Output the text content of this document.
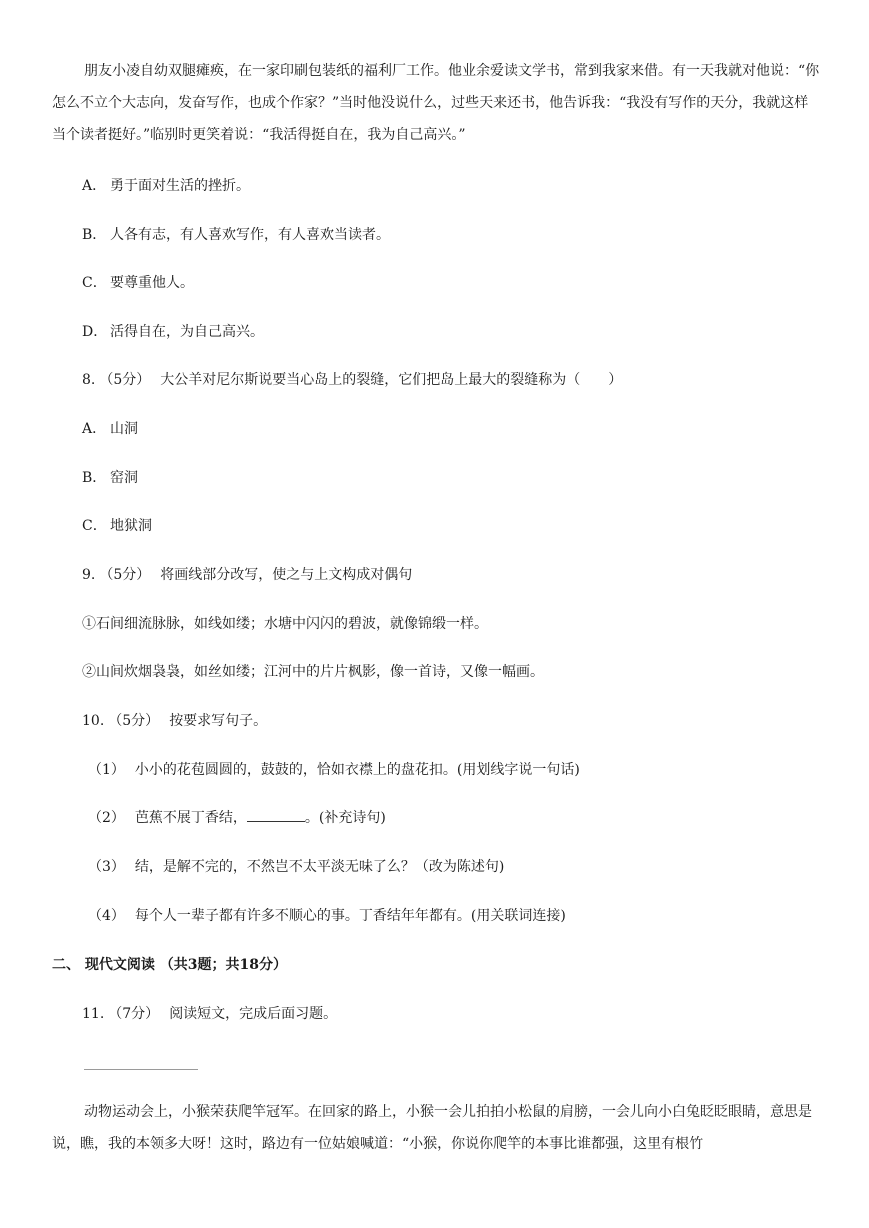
朋友小凌自幼双腿瘫痪，在一家印刷包装纸的福利厂工作。他业余爱读文学书，常到我家来借。有一天我就对他说：“你怎么不立个大志向，发奋写作，也成个作家？”当时他没说什么，过些天来还书，他告诉我：“我没有写作的天分，我就这样当个读者挺好。”临别时更笑着说：“我活得挺自在，我为自己高兴。”

A． 勇于面对生活的挫折。
B． 人各有志，有人喜欢写作，有人喜欢当读者。
C． 要尊重他人。
D． 活得自在，为自己高兴。
8. （5分） 大公羊对尼尔斯说要当心岛上的裂缝，它们把岛上最大的裂缝称为（　　）
A． 山洞
B． 窑洞
C． 地狱洞
9. （5分） 将画线部分改写，使之与上文构成对偶句
①石间细流脉脉，如线如缕；水塘中闪闪的碧波，就像锦缎一样。
②山间炊烟袅袅，如丝如缕；江河中的片片枫影，像一首诗，又像一幅画。
10. （5分） 按要求写句子。
（1） 小小的花苞圆圆的，鼓鼓的，恰如衣襟上的盘花扣。(用划线字说一句话)
（2） 芭蕉不展丁香结，	。(补充诗句)
（3） 结，是解不完的，不然岂不太平淡无味了么？（改为陈述句)
（4） 每个人一辈子都有许多不顺心的事。丁香结年年都有。(用关联词连接)
二、 现代文阅读 （共3题；共18分）
11. （7分） 阅读短文，完成后面习题。

动物运动会上，小猴荣获爬竿冠军。在回家的路上，小猴一会儿拍拍小松鼠的肩膀，一会儿向小白兔眨眨眼睛，意思是说，瞧，我的本领多大呀！这时，路边有一位姑娘喊道：“小猴，你说你爬竿的本事比谁都强，这里有根竹
